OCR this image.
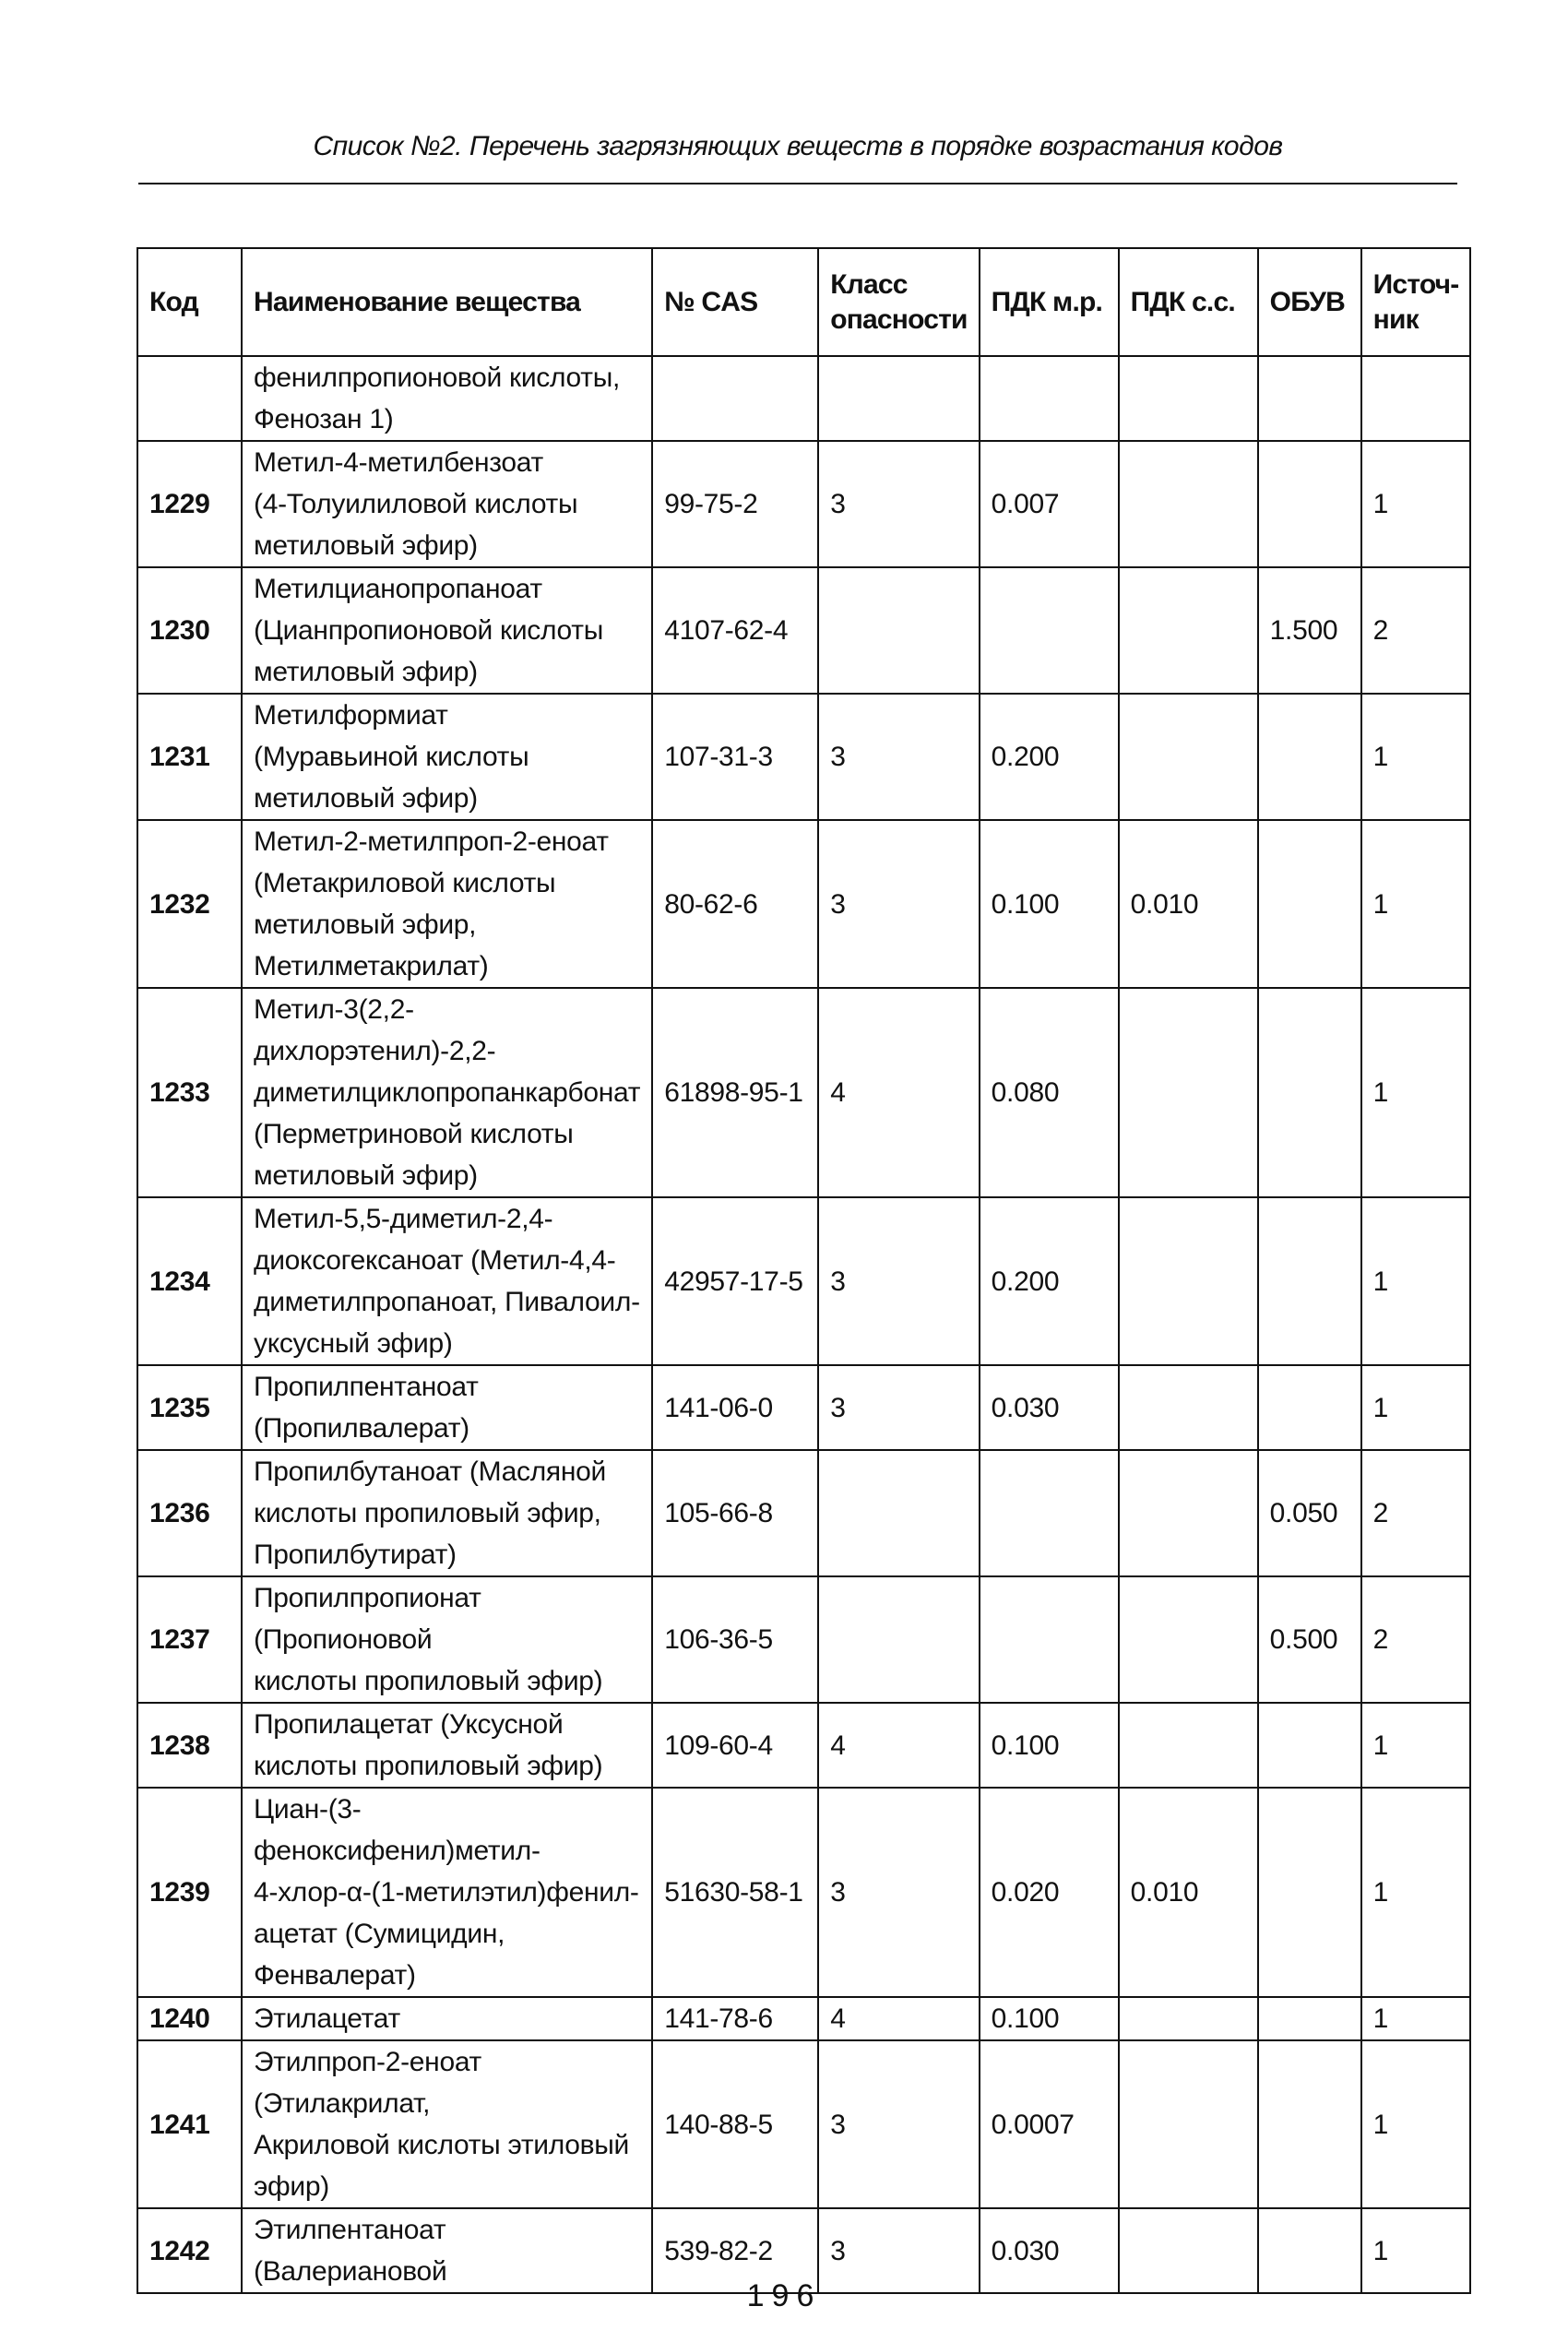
Список №2. Перечень загрязняющих веществ в порядке возрастания кодов
Код	Наименование вещества	№ CAS	Класс
опасности	ПДК м.р.	ПДК с.с.	ОБУВ	Источ-
ник
	фенилпропионовой кислоты,
Фенозан 1)						
1229	Метил-4-метилбензоат
(4-Толуилиловой кислоты
метиловый эфир)	99-75-2	3	0.007			1
1230	Метилцианопропаноат
(Цианпропионовой кислоты
метиловый эфир)	4107-62-4				1.500	2
1231	Метилформиат
(Муравьиной кислоты
метиловый эфир)	107-31-3	3	0.200			1
1232	Метил-2-метилпроп-2-еноат
(Метакриловой кислоты
метиловый эфир,
Метилметакрилат)	80-62-6	3	0.100	0.010		1
1233	Метил-3(2,2-дихлорэтенил)-2,2-
диметилциклопропанкарбонат
(Перметриновой кислоты
метиловый эфир)	61898-95-1	4	0.080			1
1234	Метил-5,5-диметил-2,4-
диоксогексаноат (Метил-4,4-
диметилпропаноат, Пивалоил-
уксусный эфир)	42957-17-5	3	0.200			1
1235	Пропилпентаноат
(Пропилвалерат)	141-06-0	3	0.030			1
1236	Пропилбутаноат (Масляной
кислоты пропиловый эфир,
Пропилбутират)	105-66-8				0.050	2
1237	Пропилпропионат (Пропионовой
кислоты пропиловый эфир)	106-36-5				0.500	2
1238	Пропилацетат (Уксусной
кислоты пропиловый эфир)	109-60-4	4	0.100			1
1239	Циан-(3-феноксифенил)метил-
4-хлор-α-(1-метилэтил)фенил-
ацетат (Сумицидин, Фенвалерат)	51630-58-1	3	0.020	0.010		1
1240	Этилацетат	141-78-6	4	0.100			1
1241	Этилпроп-2-еноат (Этилакрилат,
Акриловой кислоты этиловый
эфир)	140-88-5	3	0.0007			1
1242	Этилпентаноат (Валериановой	539-82-2	3	0.030			1
196
